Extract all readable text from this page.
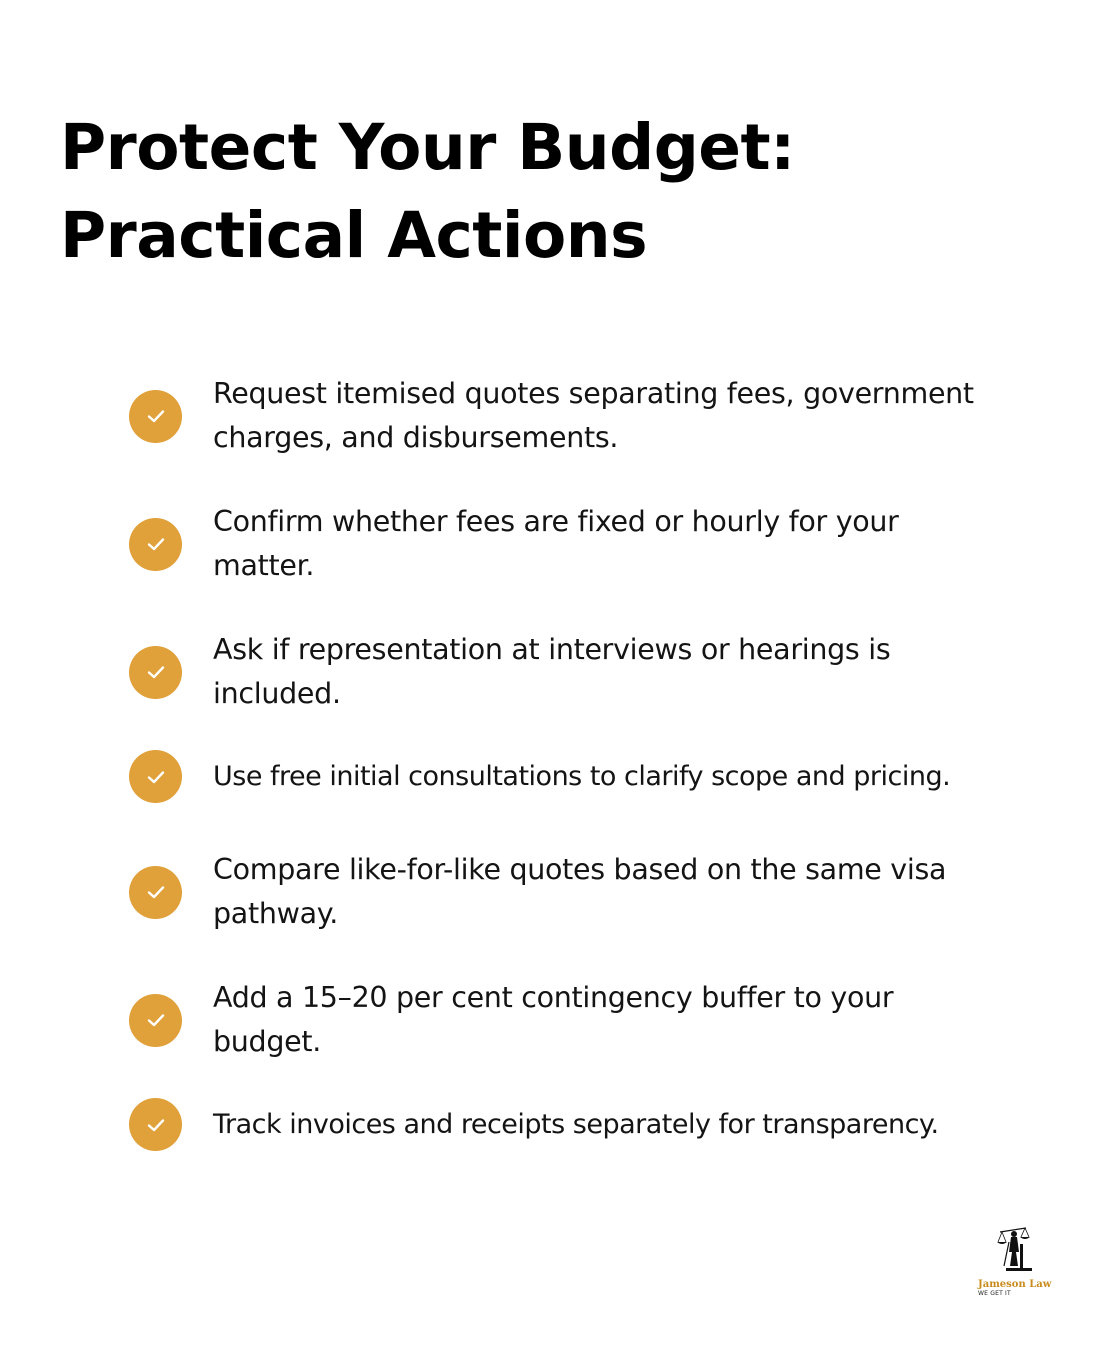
Protect Your Budget: Practical Actions
Request itemised quotes separating fees, government charges, and disbursements.
Confirm whether fees are fixed or hourly for your matter.
Ask if representation at interviews or hearings is included.
Use free initial consultations to clarify scope and pricing.
Compare like-for-like quotes based on the same visa pathway.
Add a 15–20 per cent contingency buffer to your budget.
Track invoices and receipts separately for transparency.
Jameson Law
WE GET IT
